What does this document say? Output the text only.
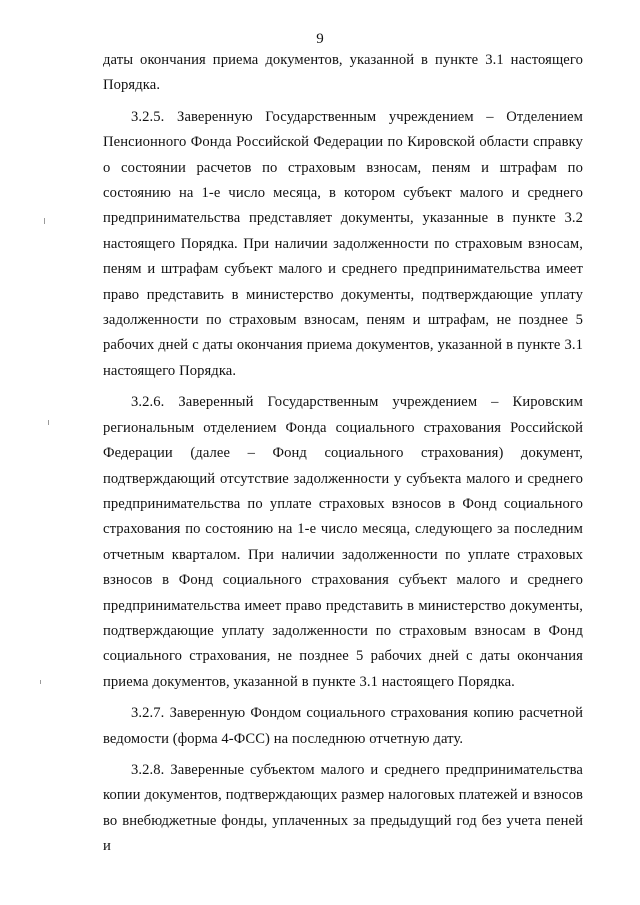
9

даты окончания приема документов, указанной в пункте 3.1 настоящего Порядка.

3.2.5. Заверенную Государственным учреждением – Отделением Пенсионного Фонда Российской Федерации по Кировской области справку о состоянии расчетов по страховым взносам, пеням и штрафам по состоянию на 1-е число месяца, в котором субъект малого и среднего предпринимательства представляет документы, указанные в пункте 3.2 настоящего Порядка. При наличии задолженности по страховым взносам, пеням и штрафам субъект малого и среднего предпринимательства имеет право представить в министерство документы, подтверждающие уплату задолженности по страховым взносам, пеням и штрафам, не позднее 5 рабочих дней с даты окончания приема документов, указанной в пункте 3.1 настоящего Порядка.

3.2.6. Заверенный Государственным учреждением – Кировским региональным отделением Фонда социального страхования Российской Федерации (далее – Фонд социального страхования) документ, подтверждающий отсутствие задолженности у субъекта малого и среднего предпринимательства по уплате страховых взносов в Фонд социального страхования по состоянию на 1-е число месяца, следующего за последним отчетным кварталом. При наличии задолженности по уплате страховых взносов в Фонд социального страхования субъект малого и среднего предпринимательства имеет право представить в министерство документы, подтверждающие уплату задолженности по страховым взносам в Фонд социального страхования, не позднее 5 рабочих дней с даты окончания приема документов, указанной в пункте 3.1 настоящего Порядка.

3.2.7. Заверенную Фондом социального страхования копию расчетной ведомости (форма 4-ФСС) на последнюю отчетную дату.

3.2.8. Заверенные субъектом малого и среднего предпринимательства копии документов, подтверждающих размер налоговых платежей и взносов во внебюджетные фонды, уплаченных за предыдущий год без учета пеней и
